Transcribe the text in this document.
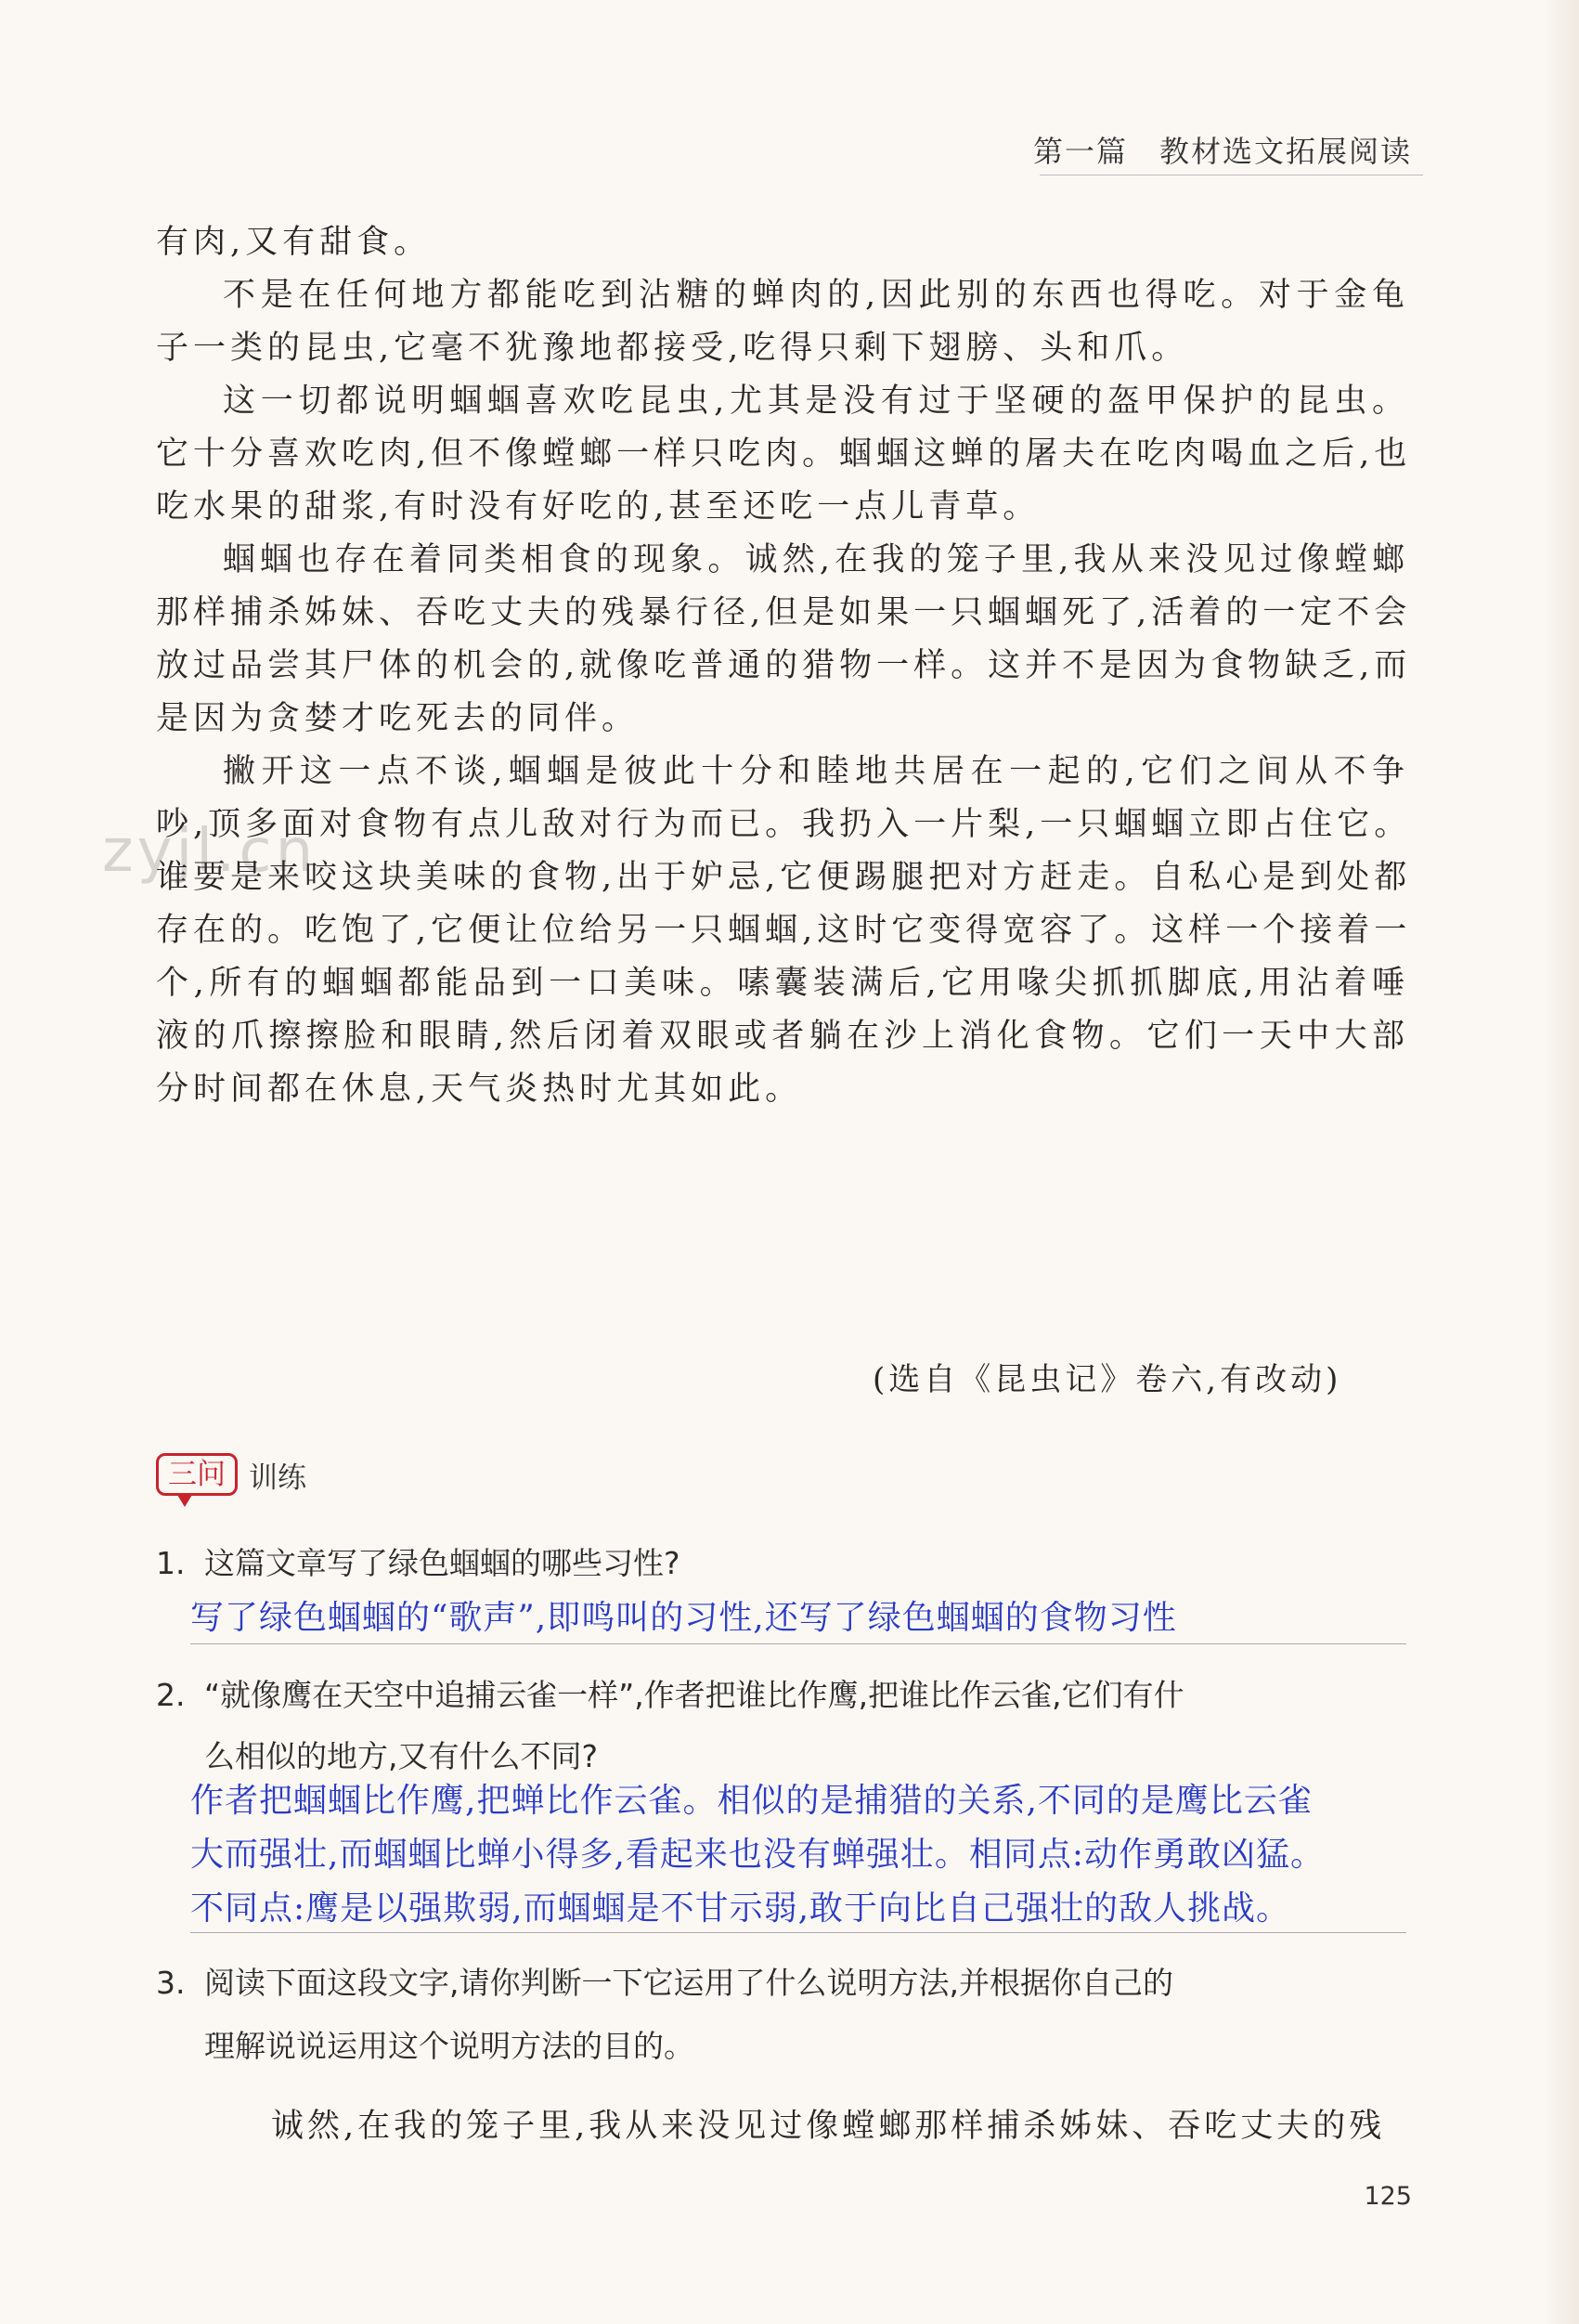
第一篇 教材选文拓展阅读
zyjl.cn
有肉,又有甜食。
不是在任何地方都能吃到沾糖的蝉肉的,因此别的东西也得吃。对于金龟
子一类的昆虫,它毫不犹豫地都接受,吃得只剩下翅膀、头和爪。
这一切都说明蝈蝈喜欢吃昆虫,尤其是没有过于坚硬的盔甲保护的昆虫。
它十分喜欢吃肉,但不像螳螂一样只吃肉。蝈蝈这蝉的屠夫在吃肉喝血之后,也
吃水果的甜浆,有时没有好吃的,甚至还吃一点儿青草。
蝈蝈也存在着同类相食的现象。诚然,在我的笼子里,我从来没见过像螳螂
那样捕杀姊妹、吞吃丈夫的残暴行径,但是如果一只蝈蝈死了,活着的一定不会
放过品尝其尸体的机会的,就像吃普通的猎物一样。这并不是因为食物缺乏,而
是因为贪婪才吃死去的同伴。
撇开这一点不谈,蝈蝈是彼此十分和睦地共居在一起的,它们之间从不争
吵,顶多面对食物有点儿敌对行为而已。我扔入一片梨,一只蝈蝈立即占住它。
谁要是来咬这块美味的食物,出于妒忌,它便踢腿把对方赶走。自私心是到处都
存在的。吃饱了,它便让位给另一只蝈蝈,这时它变得宽容了。这样一个接着一
个,所有的蝈蝈都能品到一口美味。嗉囊装满后,它用喙尖抓抓脚底,用沾着唾
液的爪擦擦脸和眼睛,然后闭着双眼或者躺在沙上消化食物。它们一天中大部
分时间都在休息,天气炎热时尤其如此。
(选自《昆虫记》卷六,有改动)
三问 训练
1. 这篇文章写了绿色蝈蝈的哪些习性?
写了绿色蝈蝈的“歌声”,即鸣叫的习性,还写了绿色蝈蝈的食物习性
2. “就像鹰在天空中追捕云雀一样”,作者把谁比作鹰,把谁比作云雀,它们有什
么相似的地方,又有什么不同?
作者把蝈蝈比作鹰,把蝉比作云雀。相似的是捕猎的关系,不同的是鹰比云雀
大而强壮,而蝈蝈比蝉小得多,看起来也没有蝉强壮。相同点:动作勇敢凶猛。
不同点:鹰是以强欺弱,而蝈蝈是不甘示弱,敢于向比自己强壮的敌人挑战。
3. 阅读下面这段文字,请你判断一下它运用了什么说明方法,并根据你自己的
理解说说运用这个说明方法的目的。
诚然,在我的笼子里,我从来没见过像螳螂那样捕杀姊妹、吞吃丈夫的残
125
